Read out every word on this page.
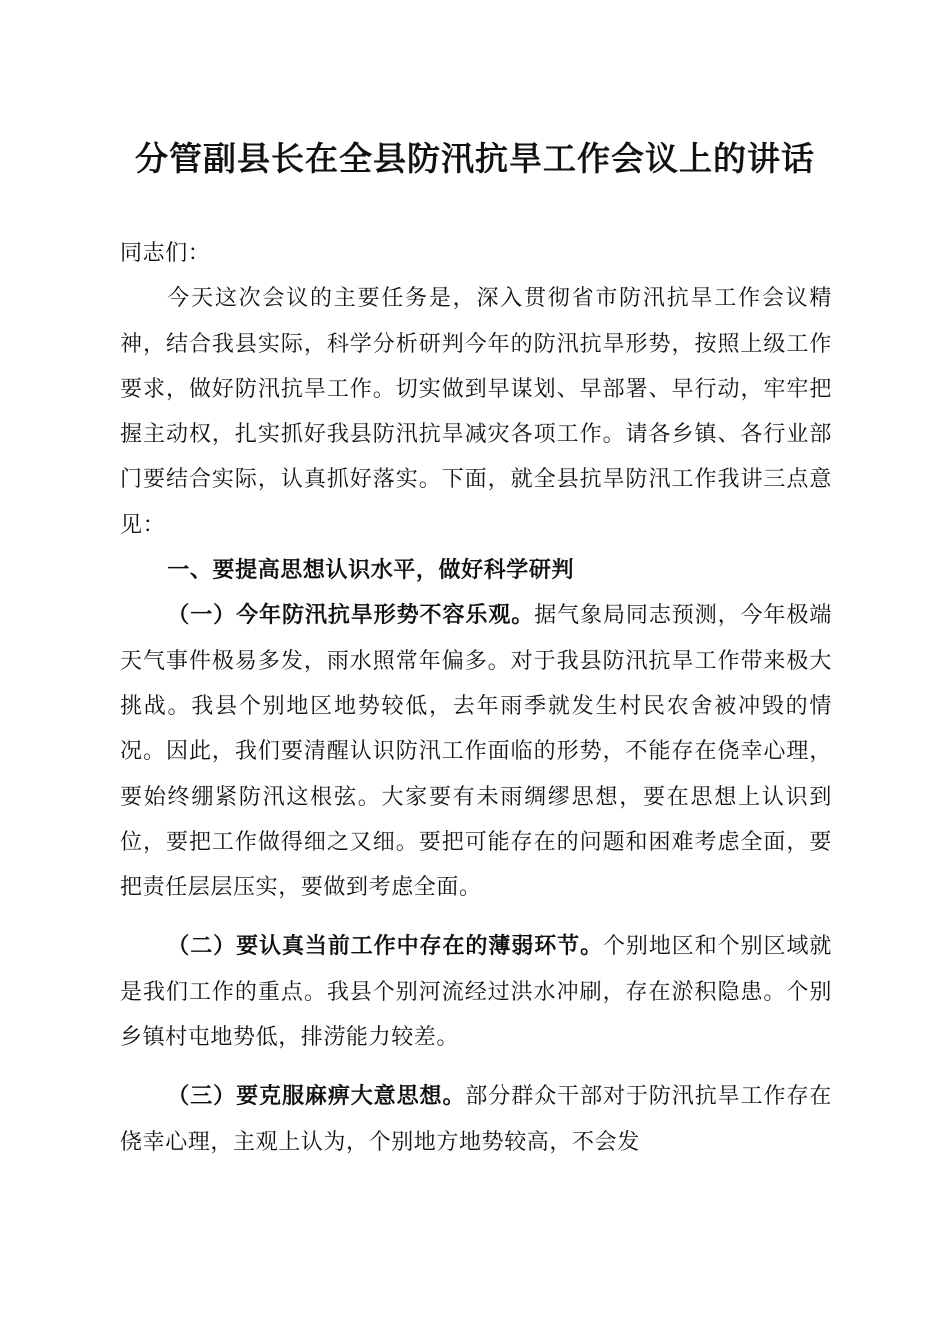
分管副县长在全县防汛抗旱工作会议上的讲话

同志们：

今天这次会议的主要任务是，深入贯彻省市防汛抗旱工作会议精神，结合我县实际，科学分析研判今年的防汛抗旱形势，按照上级工作要求，做好防汛抗旱工作。切实做到早谋划、早部署、早行动，牢牢把握主动权，扎实抓好我县防汛抗旱减灾各项工作。请各乡镇、各行业部门要结合实际，认真抓好落实。下面，就全县抗旱防汛工作我讲三点意见：

一、要提高思想认识水平，做好科学研判

（一）今年防汛抗旱形势不容乐观。据气象局同志预测，今年极端天气事件极易多发，雨水照常年偏多。对于我县防汛抗旱工作带来极大挑战。我县个别地区地势较低，去年雨季就发生村民农舍被冲毁的情况。因此，我们要清醒认识防汛工作面临的形势，不能存在侥幸心理，要始终绷紧防汛这根弦。大家要有未雨绸缪思想，要在思想上认识到位，要把工作做得细之又细。要把可能存在的问题和困难考虑全面，要把责任层层压实，要做到考虑全面。

（二）要认真当前工作中存在的薄弱环节。个别地区和个别区域就是我们工作的重点。我县个别河流经过洪水冲刷，存在淤积隐患。个别乡镇村屯地势低，排涝能力较差。

（三）要克服麻痹大意思想。部分群众干部对于防汛抗旱工作存在侥幸心理，主观上认为，个别地方地势较高，不会发
